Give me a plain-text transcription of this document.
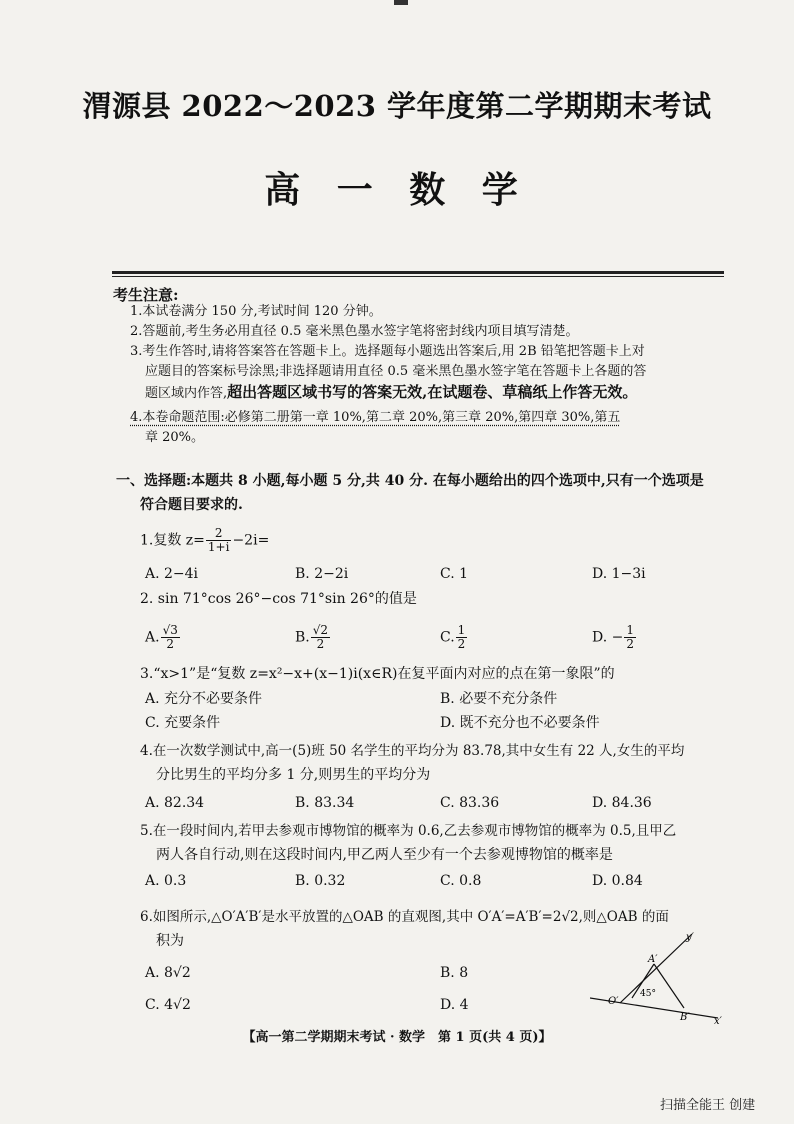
渭源县 2022～2023 学年度第二学期期末考试
高 一 数 学
考生注意:
1.本试卷满分 150 分,考试时间 120 分钟。
2.答题前,考生务必用直径 0.5 毫米黑色墨水签字笔将密封线内项目填写清楚。
3.考生作答时,请将答案答在答题卡上。选择题每小题选出答案后,用 2B 铅笔把答题卡上对
应题目的答案标号涂黑;非选择题请用直径 0.5 毫米黑色墨水签字笔在答题卡上各题的答
题区域内作答,超出答题区域书写的答案无效,在试题卷、草稿纸上作答无效。
4.本卷命题范围:必修第二册第一章 10%,第二章 20%,第三章 20%,第四章 30%,第五
章 20%。
一、选择题:本题共 8 小题,每小题 5 分,共 40 分. 在每小题给出的四个选项中,只有一个选项是
符合题目要求的.
1.复数 $z= \frac{2}{1+i} -2i=$
A. 2−4i	B. 2−2i	C. 1	D. 1−3i
2. sin 71°cos 26°−cos 71°sin 26°的值是
A. $\frac{√3}{2}$	B. $\frac{√2}{2}$	C. $\frac{1}{2}$	D. − $\frac{1}{2}$
3.“x>1”是“复数 z=x²−x+(x−1)i(x∈R)在复平面内对应的点在第一象限”的
A. 充分不必要条件	B. 必要不充分条件
C. 充要条件	D. 既不充分也不必要条件
4.在一次数学测试中,高一(5)班 50 名学生的平均分为 83.78,其中女生有 22 人,女生的平均
分比男生的平均分多 1 分,则男生的平均分为
A. 82.34	B. 83.34	C. 83.36	D. 84.36
5.在一段时间内,若甲去参观市博物馆的概率为 0.6,乙去参观市博物馆的概率为 0.5,且甲乙
两人各自行动,则在这段时间内,甲乙两人至少有一个去参观博物馆的概率是
A. 0.3	B. 0.32	C. 0.8	D. 0.84
6.如图所示,△O′A′B′是水平放置的△OAB 的直观图,其中 O′A′=A′B′=2√2,则△OAB 的面
积为
A. 8√2	B. 8
C. 4√2	D. 4
y′
x′
O′
A′
B′
45°
【高一第二学期期末考试 · 数学　第 1 页(共 4 页)】
扫描全能王 创建
